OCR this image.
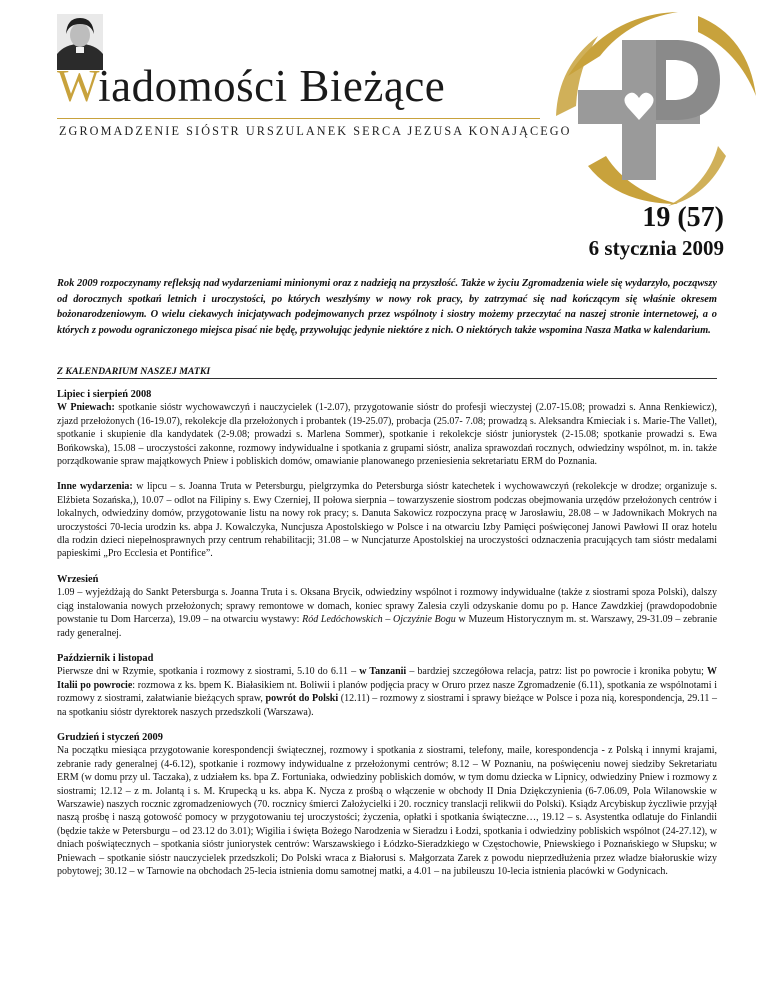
Wiadomości Bieżące
ZGROMADZENIE SIÓSTR URSZULANEK SERCA JEZUSA KONAJĄCEGO
19 (57)
6 stycznia 2009

Rok 2009 rozpoczynamy refleksją nad wydarzeniami minionymi oraz z nadzieją na przyszłość. Także w życiu Zgromadzenia wiele się wydarzyło, począwszy od dorocznych spotkań letnich i uroczystości, po których weszłyśmy w nowy rok pracy, by zatrzymać się nad kończącym się właśnie okresem bożonarodzeniowym. O wielu ciekawych inicjatywach podejmowanych przez wspólnoty i siostry możemy przeczytać na naszej stronie internetowej, a o których z powodu ograniczonego miejsca pisać nie będę, przywołując jedynie niektóre z nich. O niektórych także wspomina Nasza Matka w kalendarium.

Z KALENDARIUM NASZEJ MATKI
Lipiec i sierpień 2008

W Pniewach: spotkanie sióstr wychowawczyń i nauczycielek (1-2.07), przygotowanie sióstr do profesji wieczystej (2.07-15.08; prowadzi s. Anna Renkiewicz), zjazd przełożonych (16-19.07), rekolekcje dla przełożonych i probantek (19-25.07), probacja (25.07- 7.08; prowadzą s. Aleksandra Kmieciak i s. Marie-The Vallet), spotkanie i skupienie dla kandydatek (2-9.08; prowadzi s. Marlena Sommer), spotkanie i rekolekcje sióstr juniorystek (2-15.08; spotkanie prowadzi s. Ewa Bońkowska), 15.08 – uroczystości zakonne, rozmowy indywidualne i spotkania z grupami sióstr, analiza sprawozdań rocznych, odwiedziny wspólnot, m. in. także porządkowanie spraw majątkowych Pniew i pobliskich domów, omawianie planowanego przeniesienia sekretariatu ERM do Poznania.

Inne wydarzenia: w lipcu – s. Joanna Truta w Petersburgu, pielgrzymka do Petersburga sióstr katechetek i wychowawczyń (rekolekcje w drodze; organizuje s. Elżbieta Sozańska,), 10.07 – odlot na Filipiny s. Ewy Czerniej, II połowa sierpnia – towarzyszenie siostrom podczas obejmowania urzędów przełożonych centrów i lokalnych, odwiedziny domów, przygotowanie listu na nowy rok pracy; s. Danuta Sakowicz rozpoczyna pracę w Jarosławiu, 28.08 – w Jadownikach Mokrych na uroczystości 70-lecia urodzin ks. abpa J. Kowalczyka, Nuncjusza Apostolskiego w Polsce i na otwarciu Izby Pamięci poświęconej Janowi Pawłowi II oraz hotelu dla rodzin dzieci niepełnosprawnych przy centrum rehabilitacji; 31.08 – w Nuncjaturze Apostolskiej na uroczystości odznaczenia pracujących tam sióstr medalami papieskimi „Pro Ecclesia et Pontifice”.

Wrzesień

1.09 – wyjeżdżają do Sankt Petersburga s. Joanna Truta i s. Oksana Brycik, odwiedziny wspólnot i rozmowy indywidualne (także z siostrami spoza Polski), dalszy ciąg instalowania nowych przełożonych; sprawy remontowe w domach, koniec sprawy Zalesia czyli odzyskanie domu po p. Hance Zawdzkiej (prawdopodobnie powstanie tu Dom Harcerza), 19.09 – na otwarciu wystawy: Ród Ledóchowskich – Ojczyźnie Bogu w Muzeum Historycznym m. st. Warszawy, 29-31.09 – zebranie rady generalnej.

Październik i listopad

Pierwsze dni w Rzymie, spotkania i rozmowy z siostrami, 5.10 do 6.11 – w Tanzanii – bardziej szczegółowa relacja, patrz: list po powrocie i kronika pobytu; W Italii po powrocie: rozmowa z ks. bpem K. Białasikiem nt. Boliwii i planów podjęcia pracy w Oruro przez nasze Zgromadzenie (6.11), spotkania ze wspólnotami i rozmowy z siostrami, załatwianie bieżących spraw, powrót do Polski (12.11) – rozmowy z siostrami i sprawy bieżące w Polsce i poza nią, korespondencja, 29.11 – na spotkaniu sióstr dyrektorek naszych przedszkoli (Warszawa).

Grudzień i styczeń 2009

Na początku miesiąca przygotowanie korespondencji świątecznej, rozmowy i spotkania z siostrami, telefony, maile, korespondencja - z Polską i innymi krajami, zebranie rady generalnej (4-6.12), spotkanie i rozmowy indywidualne z przełożonymi centrów; 8.12 – W Poznaniu, na poświęceniu nowej siedziby Sekretariatu ERM (w domu przy ul. Taczaka), z udziałem ks. bpa Z. Fortuniaka, odwiedziny pobliskich domów, w tym domu dziecka w Lipnicy, odwiedziny Pniew i rozmowy z siostrami; 12.12 – z m. Jolantą i s. M. Krupecką u ks. abpa K. Nycza z prośbą o włączenie w obchody II Dnia Dziękczynienia (6-7.06.09, Pola Wilanowskie w Warszawie) naszych rocznic zgromadzeniowych (70. rocznicy śmierci Założycielki i 20. rocznicy translacji relikwii do Polski). Ksiądz Arcybiskup życzliwie przyjął naszą prośbę i naszą gotowość pomocy w przygotowaniu tej uroczystości; życzenia, opłatki i spotkania świąteczne…, 19.12 – s. Asystentka odlatuje do Finlandii (będzie także w Petersburgu – od 23.12 do 3.01); Wigilia i święta Bożego Narodzenia w Sieradzu i Łodzi, spotkania i odwiedziny pobliskich wspólnot (24-27.12), w dniach poświątecznych – spotkania sióstr juniorystek centrów: Warszawskiego i Łódzko-Sieradzkiego w Częstochowie, Pniewskiego i Poznańskiego w Słupsku; w Pniewach – spotkanie sióstr nauczycielek przedszkoli; Do Polski wraca z Białorusi s. Małgorzata Zarek z powodu nieprzedłużenia przez władze białoruskie wizy pobytowej; 30.12 – w Tarnowie na obchodach 25-lecia istnienia domu samotnej matki, a 4.01 – na jubileuszu 10-lecia istnienia placówki w Godynicach.
